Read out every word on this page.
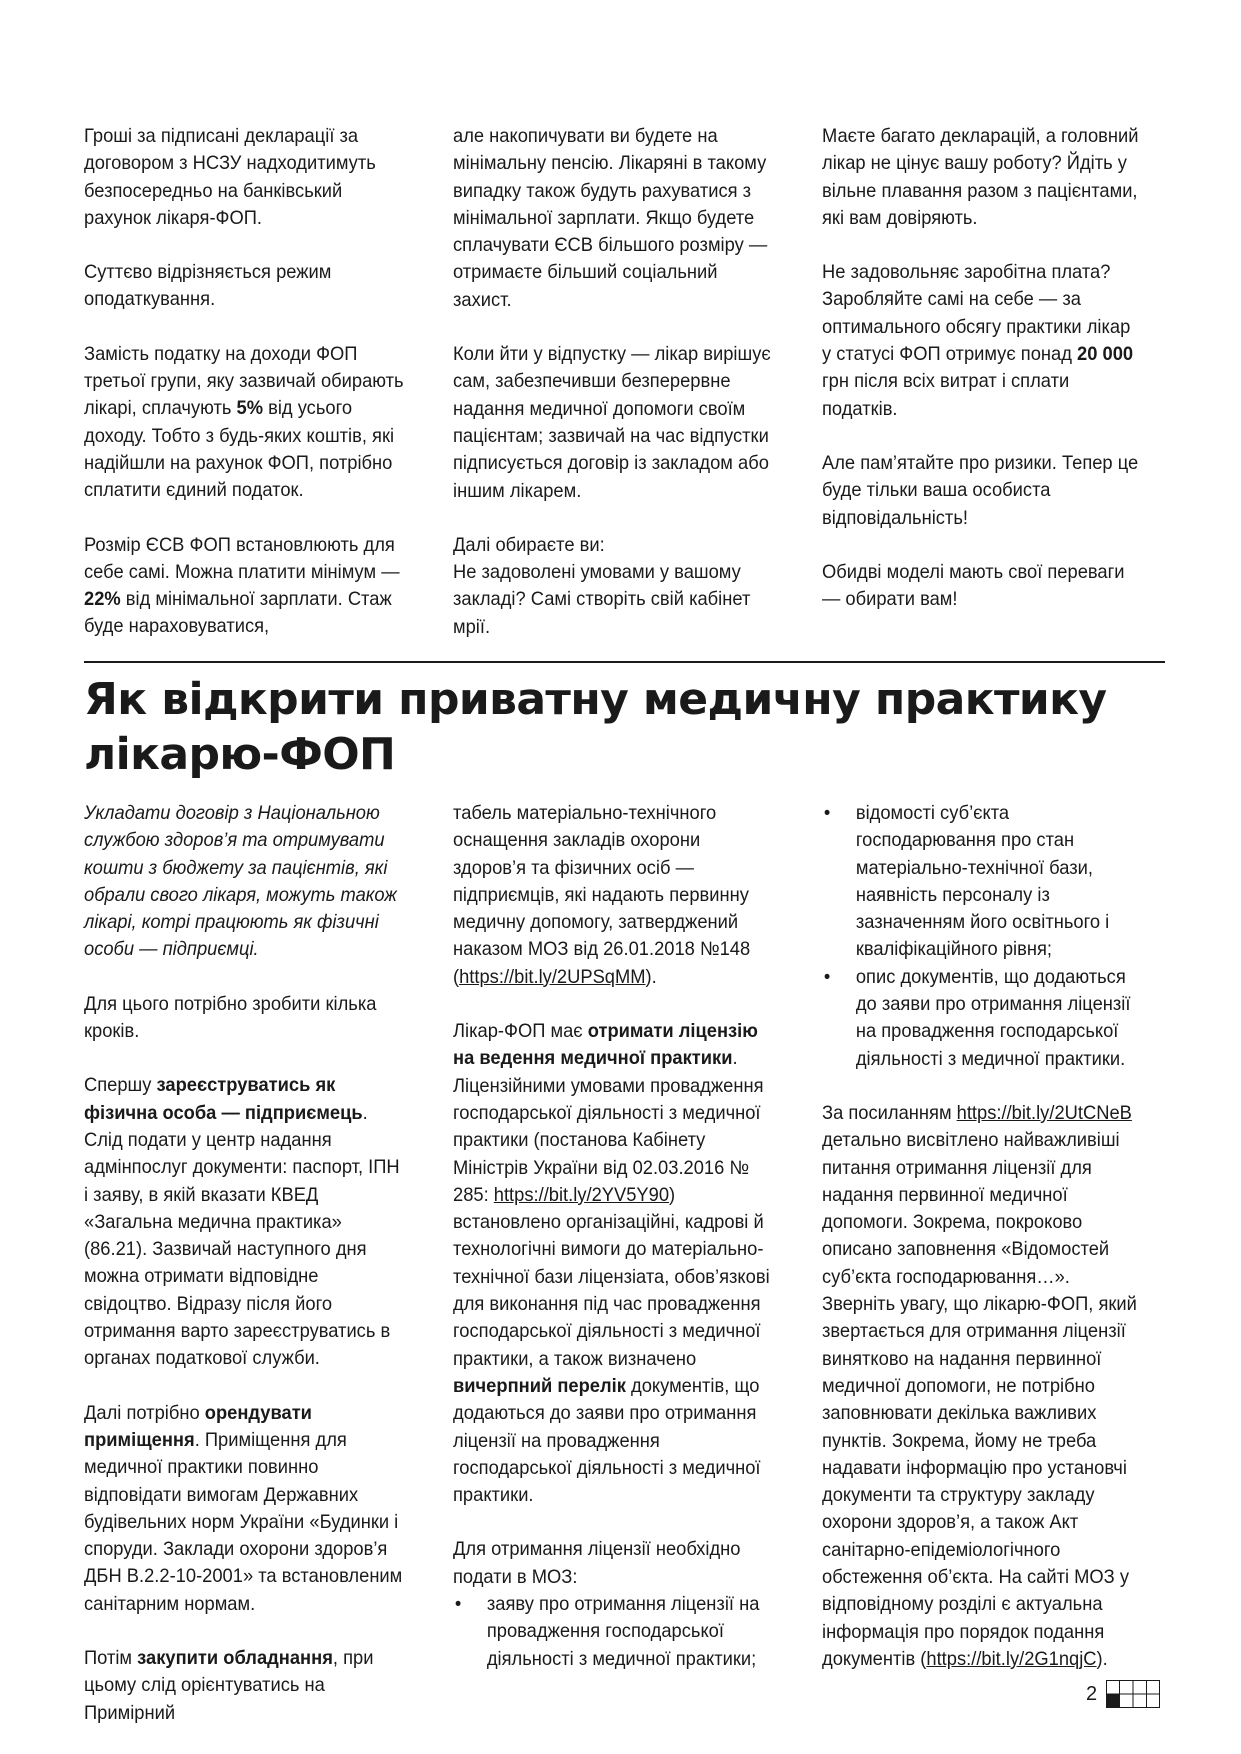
Гроші за підписані декларації за договором з НСЗУ надходитимуть безпосередньо на банківський рахунок лікаря-ФОП.

Суттєво відрізняється режим оподаткування.

Замість податку на доходи ФОП третьої групи, яку зазвичай обирають лікарі, сплачують 5% від усього доходу. Тобто з будь-яких коштів, які надійшли на рахунок ФОП, потрібно сплатити єдиний податок.

Розмір ЄСВ ФОП встановлюють для себе самі. Можна платити мінімум — 22% від мінімальної зарплати. Стаж буде нараховуватися,

але накопичувати ви будете на мінімальну пенсію. Лікаряні в такому випадку також будуть рахуватися з мінімальної зарплати. Якщо будете сплачувати ЄСВ більшого розміру — отримаєте більший соціальний захист.

Коли йти у відпустку — лікар вирішує сам, забезпечивши безперервне надання медичної допомоги своїм пацієнтам; зазвичай на час відпустки підписується договір із закладом або іншим лікарем.

Далі обираєте ви:

Не задоволені умовами у вашому закладі? Самі створіть свій кабінет мрії.

Маєте багато декларацій, а головний лікар не цінує вашу роботу? Йдіть у вільне плавання разом з пацієнтами, які вам довіряють.

Не задовольняє заробітна плата? Заробляйте самі на себе — за оптимального обсягу практики лікар у статусі ФОП отримує понад 20 000 грн після всіх витрат і сплати податків.

Але пам’ятайте про ризики. Тепер це буде тільки ваша особиста відповідальність!

Обидві моделі мають свої переваги — обирати вам!

Як відкрити приватну медичну практику лікарю-ФОП

Укладати договір з Національною службою здоров’я та отримувати кошти з бюджету за пацієнтів, які обрали свого лікаря, можуть також лікарі, котрі працюють як фізичні особи — підприємці.

Для цього потрібно зробити кілька кроків.

Спершу зареєструватись як фізична особа — підприємець. Слід подати у центр надання адмінпослуг документи: паспорт, ІПН і заяву, в якій вказати КВЕД «Загальна медична практика» (86.21). Зазвичай наступного дня можна отримати відповідне свідоцтво. Відразу після його отримання варто зареєструватись в органах податкової служби.

Далі потрібно орендувати приміщення. Приміщення для медичної практики повинно відповідати вимогам Державних будівельних норм України «Будинки і споруди. Заклади охорони здоров’я ДБН В.2.2-10-2001» та встановленим санітарним нормам.

Потім закупити обладнання, при цьому слід орієнтуватись на Примірний

табель матеріально-технічного оснащення закладів охорони здоров’я та фізичних осіб — підприємців, які надають первинну медичну допомогу, затверджений наказом МОЗ від 26.01.2018 №148 (https://bit.ly/2UPSqMM).

Лікар-ФОП має отримати ліцензію на ведення медичної практики. Ліцензійними умовами провадження господарської діяльності з медичної практики (постанова Кабінету Міністрів України від 02.03.2016 № 285: https://bit.ly/2YV5Y90) встановлено організаційні, кадрові й технологічні вимоги до матеріально-технічної бази ліцензіата, обов’язкові для виконання під час провадження господарської діяльності з медичної практики, а також визначено вичерпний перелік документів, що додаються до заяви про отримання ліцензії на провадження господарської діяльності з медичної практики.

Для отримання ліцензії необхідно подати в МОЗ:

• заяву про отримання ліцензії на провадження господарської діяльності з медичної практики;
• відомості суб’єкта господарювання про стан матеріально-технічної бази, наявність персоналу із зазначенням його освітнього і кваліфікаційного рівня;
• опис документів, що додаються до заяви про отримання ліцензії на провадження господарської діяльності з медичної практики.

За посиланням https://bit.ly/2UtCNeB детально висвітлено найважливіші питання отримання ліцензії для надання первинної медичної допомоги. Зокрема, покроково описано заповнення «Відомостей суб’єкта господарювання…». Зверніть увагу, що лікарю-ФОП, який звертається для отримання ліцензії винятково на надання первинної медичної допомоги, не потрібно заповнювати декілька важливих пунктів. Зокрема, йому не треба надавати інформацію про установчі документи та структуру закладу охорони здоров’я, а також Акт санітарно-епідеміологічного обстеження об’єкта. На сайті МОЗ у відповідному розділі є актуальна інформація про порядок подання документів (https://bit.ly/2G1nqjC).

2
